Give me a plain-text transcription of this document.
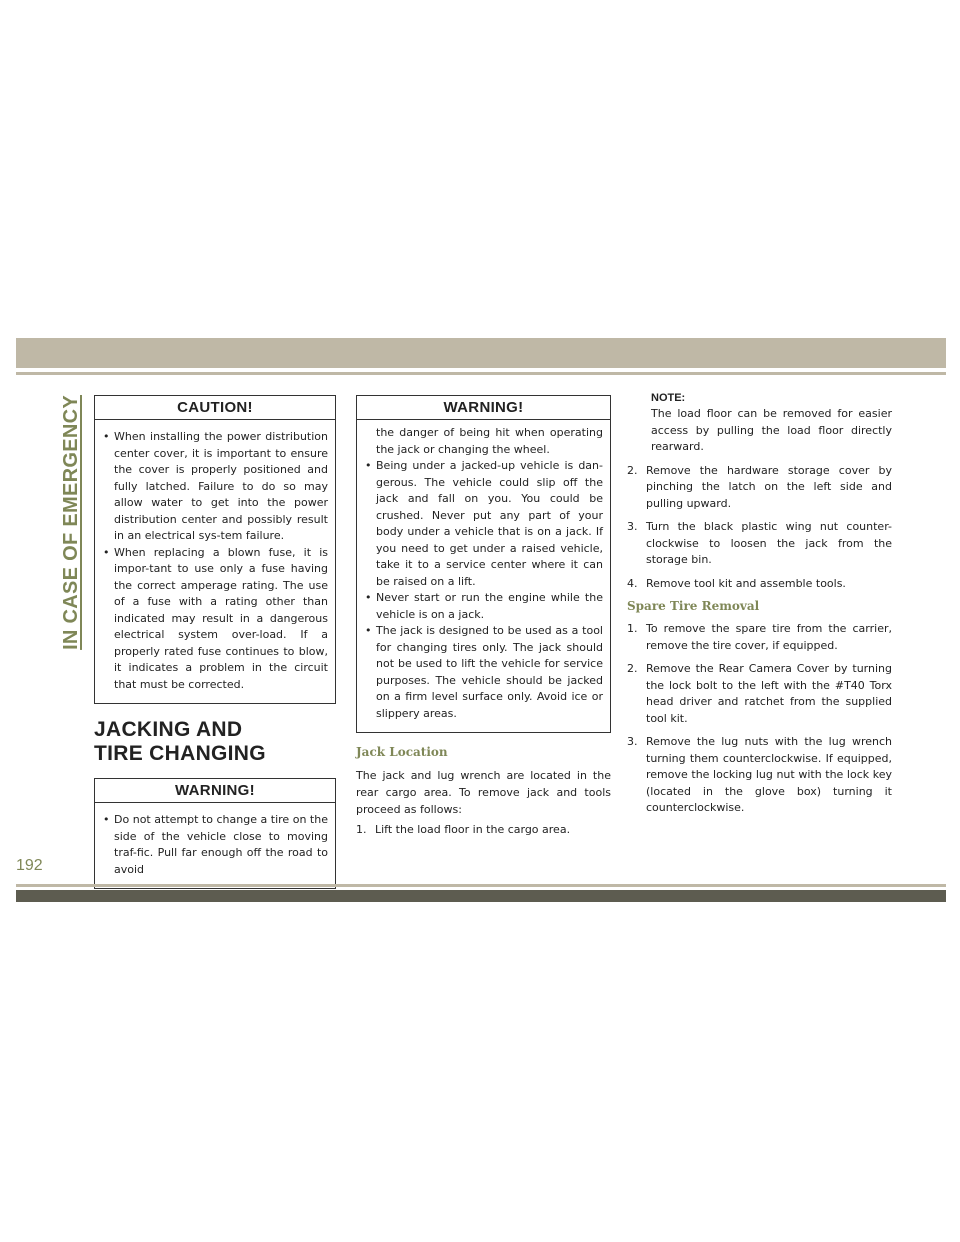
IN CASE OF EMERGENCY	CAUTION!
• When installing the power distribution center cover, it is important to ensure the cover is properly positioned and fully latched. Failure to do so may allow water to get into the power distribution center and possibly result in an electrical sys-tem failure.
• When replacing a blown fuse, it is impor-tant to use only a fuse having the correct amperage rating. The use of a fuse with a rating other than indicated may result in a dangerous electrical system over-load. If a properly rated fuse continues to blow, it indicates a problem in the circuit that must be corrected.
JACKING AND TIRE CHANGING
WARNING!
• Do not attempt to change a tire on the side of the vehicle close to moving traf-fic. Pull far enough off the road to avoid
WARNING!
the danger of being hit when operating the jack or changing the wheel.
• Being under a jacked-up vehicle is dan-gerous. The vehicle could slip off the jack and fall on you. You could be crushed. Never put any part of your body under a vehicle that is on a jack. If you need to get under a raised vehicle, take it to a service center where it can be raised on a lift.
• Never start or run the engine while the vehicle is on a jack.
• The jack is designed to be used as a tool for changing tires only. The jack should not be used to lift the vehicle for service purposes. The vehicle should be jacked on a firm level surface only. Avoid ice or slippery areas.
Jack Location
The jack and lug wrench are located in the rear cargo area. To remove jack and tools proceed as follows:
1. Lift the load floor in the cargo area.
NOTE:
The load floor can be removed for easier access by pulling the load floor directly rearward.
2. Remove the hardware storage cover by pinching the latch on the left side and pulling upward.
3. Turn the black plastic wing nut counter-clockwise to loosen the jack from the storage bin.
4. Remove tool kit and assemble tools.
Spare Tire Removal
1. To remove the spare tire from the carrier, remove the tire cover, if equipped.
2. Remove the Rear Camera Cover by turning the lock bolt to the left with the #T40 Torx head driver and ratchet from the supplied tool kit.
3. Remove the lug nuts with the lug wrench turning them counterclockwise. If equipped, remove the locking lug nut with the lock key (located in the glove box) turning it counterclockwise.
192
